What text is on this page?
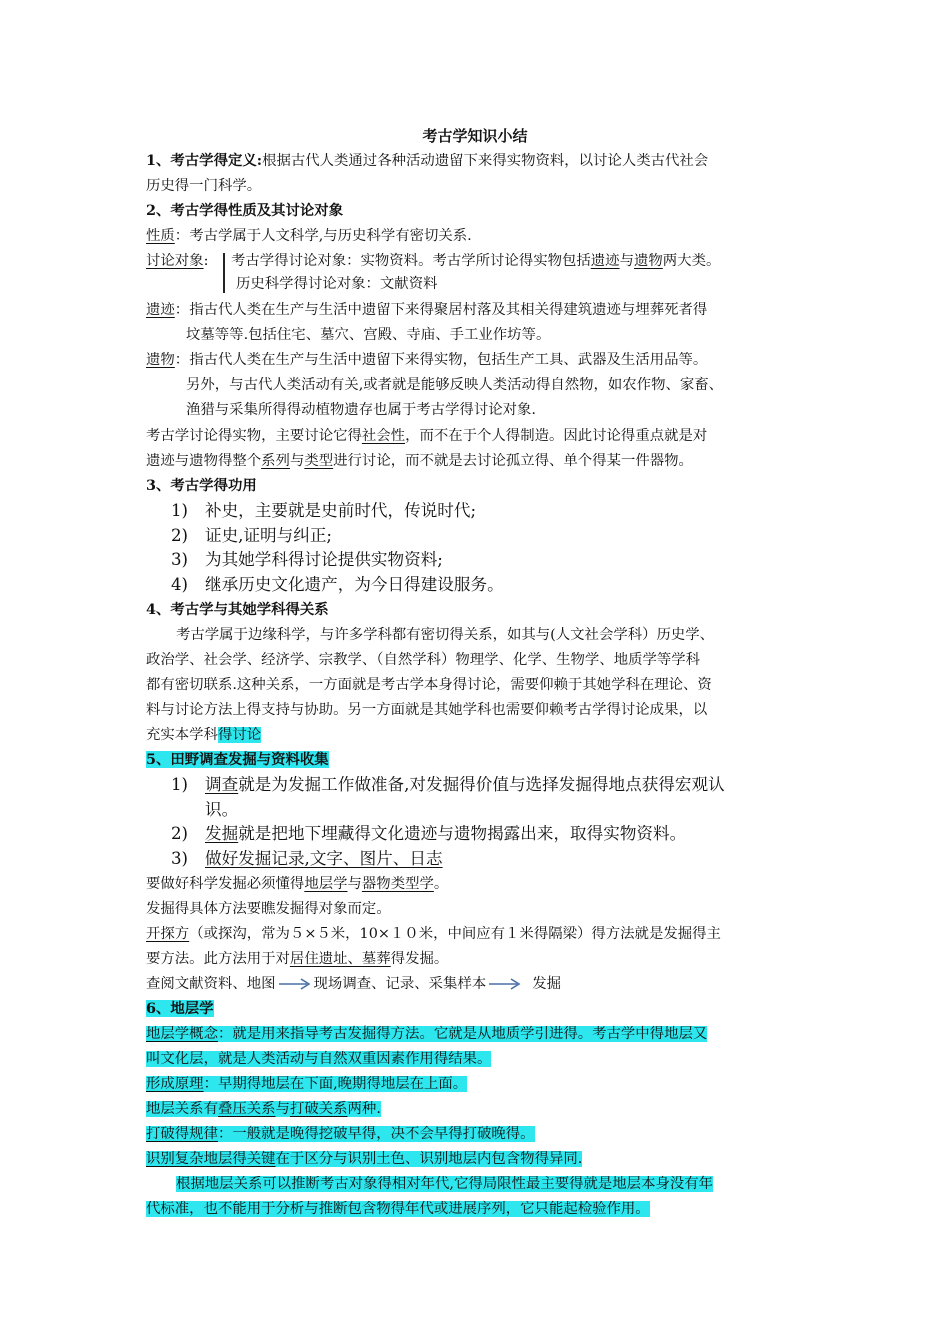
考古学知识小结
1、考古学得定义:根据古代人类通过各种活动遗留下来得实物资料，以讨论人类古代社会
历史得一门科学。
2、考古学得性质及其讨论对象
性质：考古学属于人文科学,与历史科学有密切关系.
讨论对象: 考古学得讨论对象：实物资料。考古学所讨论得实物包括遗迹与遗物两大类。
历史科学得讨论对象：文献资料
遗迹：指古代人类在生产与生活中遗留下来得聚居村落及其相关得建筑遗迹与埋葬死者得
坟墓等等.包括住宅、墓穴、宫殿、寺庙、手工业作坊等。
遗物：指古代人类在生产与生活中遗留下来得实物，包括生产工具、武器及生活用品等。
另外，与古代人类活动有关,或者就是能够反映人类活动得自然物，如农作物、家畜、
渔猎与采集所得得动植物遗存也属于考古学得讨论对象.
考古学讨论得实物，主要讨论它得社会性，而不在于个人得制造。因此讨论得重点就是对
遗迹与遗物得整个系列与类型进行讨论，而不就是去讨论孤立得、单个得某一件器物。
3、考古学得功用
1) 补史，主要就是史前时代，传说时代;
2) 证史,证明与纠正;
3) 为其她学科得讨论提供实物资料;
4) 继承历史文化遗产，为今日得建设服务。
4、考古学与其她学科得关系
考古学属于边缘科学，与许多学科都有密切得关系，如其与(人文社会学科）历史学、
政治学、社会学、经济学、宗教学、（自然学科）物理学、化学、生物学、地质学等学科
都有密切联系.这种关系，一方面就是考古学本身得讨论，需要仰赖于其她学科在理论、资
料与讨论方法上得支持与协助。另一方面就是其她学科也需要仰赖考古学得讨论成果，以
充实本学科得讨论
5、田野调查发掘与资料收集
1) 调查就是为发掘工作做准备,对发掘得价值与选择发掘得地点获得宏观认
识。
2) 发掘就是把地下埋藏得文化遗迹与遗物揭露出来，取得实物资料。
3) 做好发掘记录,文字、图片、日志
要做好科学发掘必须懂得地层学与器物类型学。
发掘得具体方法要瞧发掘得对象而定。
开探方（或探沟，常为５×５米，10×１０米，中间应有１米得隔梁）得方法就是发掘得主
要方法。此方法用于对居住遗址、墓葬得发掘。
查阅文献资料、地图	现场调查、记录、采集样本	发掘
6、地层学
地层学概念：就是用来指导考古发掘得方法。它就是从地质学引进得。考古学中得地层又
叫文化层，就是人类活动与自然双重因素作用得结果。
形成原理：早期得地层在下面,晚期得地层在上面。
地层关系有叠压关系与打破关系两种.
打破得规律：一般就是晚得挖破早得，决不会早得打破晚得。
识别复杂地层得关键在于区分与识别土色、识别地层内包含物得异同.
根据地层关系可以推断考古对象得相对年代,它得局限性最主要得就是地层本身没有年
代标准，也不能用于分析与推断包含物得年代或进展序列，它只能起检验作用。
